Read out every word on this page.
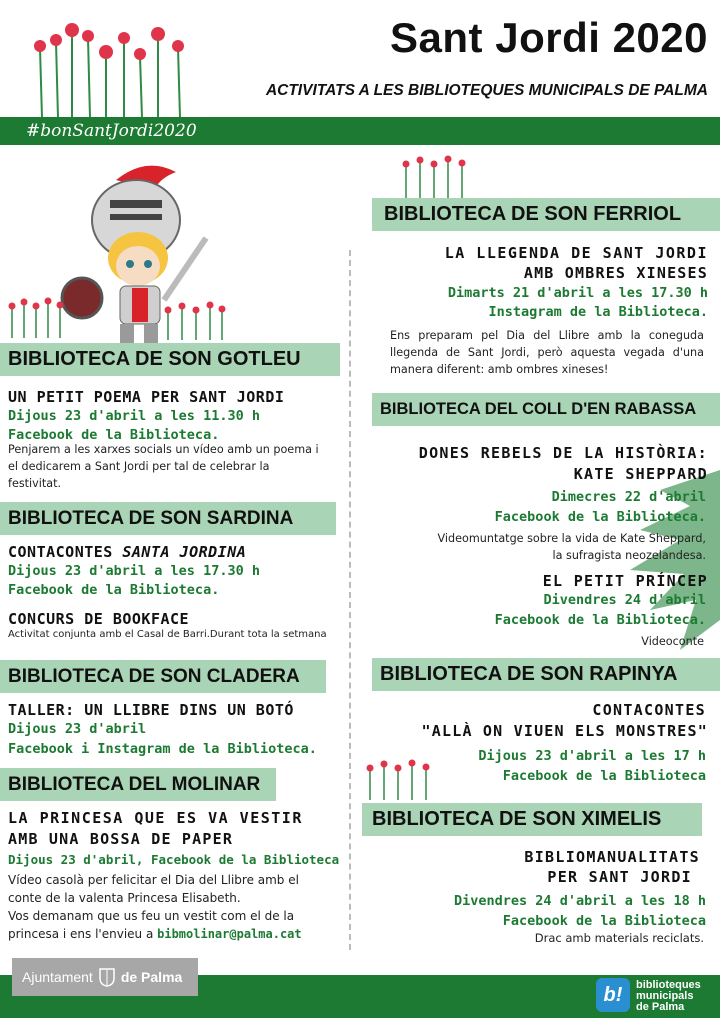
Sant Jordi 2020
ACTIVITATS A LES BIBLIOTEQUES MUNICIPALS DE PALMA
#bonSantJordi2020
BIBLIOTECA DE SON GOTLEU
UN PETIT POEMA PER SANT JORDI
Dijous 23 d'abril a les 11.30 h
Facebook de la Biblioteca.
Penjarem a les xarxes socials un vídeo amb un poema i el dedicarem a Sant Jordi per tal de celebrar la festivitat.
BIBLIOTECA DE SON SARDINA
CONTACONTES SANTA JORDINA
Dijous 23 d'abril a les 17.30 h
Facebook de la Biblioteca.
CONCURS DE BOOKFACE
Activitat conjunta amb el Casal de Barri.Durant tota la setmana
BIBLIOTECA DE SON CLADERA
TALLER: UN LLIBRE DINS UN BOTÓ
Dijous 23 d'abril
Facebook i Instagram de la Biblioteca.
BIBLIOTECA DEL MOLINAR
LA PRINCESA QUE ES VA VESTIR
AMB UNA BOSSA DE PAPER
Dijous 23 d'abril, Facebook de la Biblioteca
Vídeo casolà per felicitar el Dia del Llibre amb el
conte de la valenta Princesa Elisabeth.
Vos demanam que us feu un vestit com el de la
princesa i ens l'envieu a bibmolinar@palma.cat
BIBLIOTECA DE SON FERRIOL
LA LLEGENDA DE SANT JORDI
AMB OMBRES XINESES
Dimarts 21 d'abril a les 17.30 h
Instagram de la Biblioteca.
Ens preparam pel Dia del Llibre amb la coneguda llegenda de Sant Jordi, però aquesta vegada d'una manera diferent: amb ombres xineses!
BIBLIOTECA DEL COLL D'EN RABASSA
DONES REBELS DE LA HISTÒRIA:
KATE SHEPPARD
Dimecres 22 d'abril
Facebook de la Biblioteca.
Videomuntatge sobre la vida de Kate Sheppard,
la sufragista neozelandesa.
EL PETIT PRÍNCEP
Divendres 24 d'abril
Facebook de la Biblioteca.
Videoconte
BIBLIOTECA DE SON RAPINYA
CONTACONTES
"ALLÀ ON VIUEN ELS MONSTRES"
Dijous 23 d'abril a les 17 h
Facebook de la Biblioteca
BIBLIOTECA DE SON XIMELIS
BIBLIOMANUALITATS
PER SANT JORDI
Divendres 24 d'abril a les 18 h
Facebook de la Biblioteca
Drac amb materials reciclats.
Ajuntament de Palma
b!	biblioteques
municipals
de Palma
